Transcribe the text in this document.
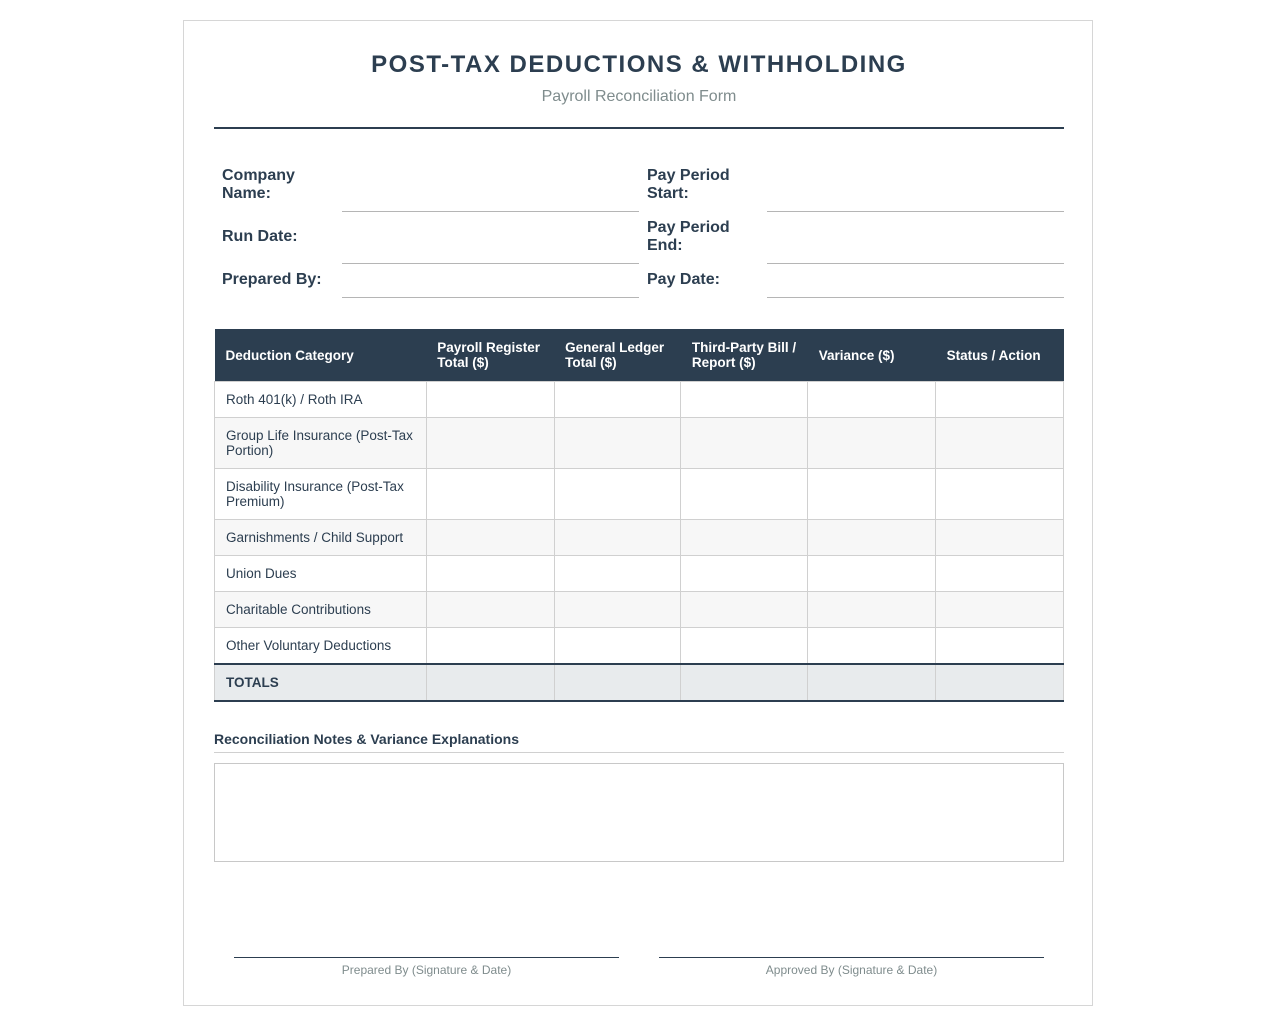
POST-TAX DEDUCTIONS & WITHHOLDING
Payroll Reconciliation Form
Company Name:
Run Date:
Prepared By:
Pay Period Start:
Pay Period End:
Pay Date:
Deduction Category	Payroll Register Total ($)	General Ledger Total ($)	Third-Party Bill / Report ($)	Variance ($)	Status / Action
Roth 401(k) / Roth IRA					
Group Life Insurance (Post-Tax Portion)					
Disability Insurance (Post-Tax Premium)					
Garnishments / Child Support					
Union Dues					
Charitable Contributions					
Other Voluntary Deductions					
TOTALS					
Reconciliation Notes & Variance Explanations
Prepared By (Signature & Date)	Approved By (Signature & Date)
